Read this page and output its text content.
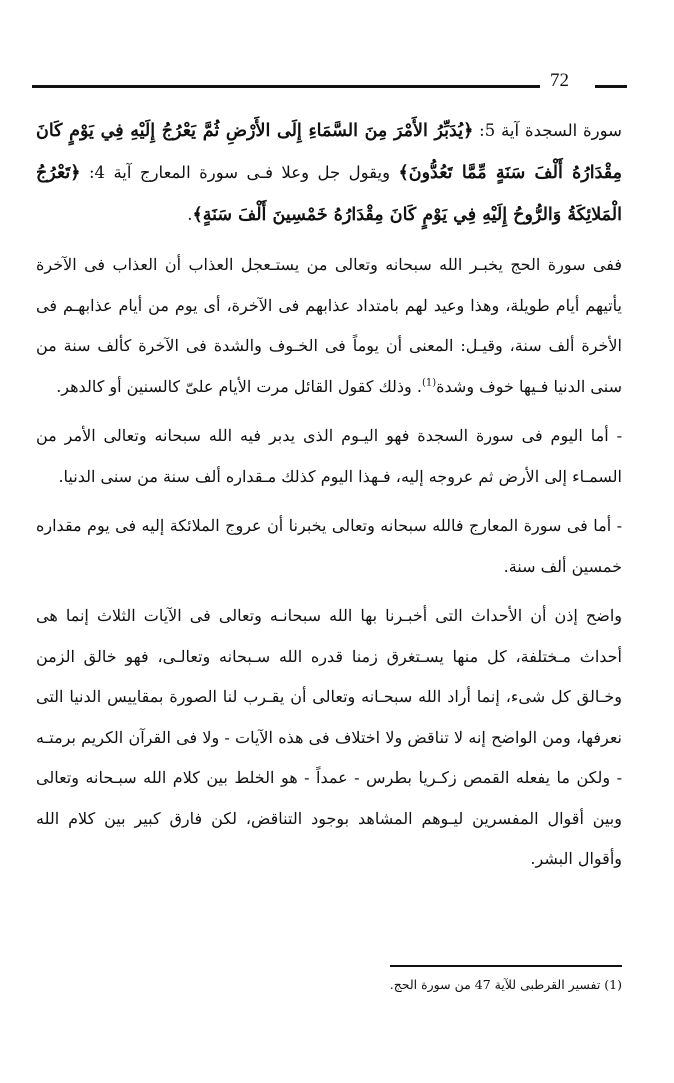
72

سورة السجدة آية 5: ﴿يُدَبِّرُ الأَمْرَ مِنَ السَّمَاءِ إِلَى الأَرْضِ ثُمَّ يَعْرُجُ إِلَيْهِ فِي يَوْمٍ كَانَ مِقْدَارُهُ أَلْفَ سَنَةٍ مِّمَّا تَعُدُّونَ﴾ ويقول جل وعلا فـى سورة المعارج آية 4: ﴿تَعْرُجُ الْمَلائِكَةُ وَالرُّوحُ إِلَيْهِ فِي يَوْمٍ كَانَ مِقْدَارُهُ خَمْسِينَ أَلْفَ سَنَةٍ﴾.

ففى سورة الحج يخبـر الله سبحانه وتعالى من يستـعجل العذاب أن العذاب فى الآخرة يأتيهم أيام طويلة، وهذا وعيد لهم بامتداد عذابهم فى الآخرة، أى يوم من أيام عذابهـم فى الأخرة ألف سنة، وقيـل: المعنى أن يوماً فى الخـوف والشدة فى الآخرة كألف سنة من سنى الدنيا فـيها خوف وشدة$^{(1)}$. وذلك كقول القائل مرت الأيام علىّ كالسنين أو كالدهر.

- أما اليوم فى سورة السجدة فهو اليـوم الذى يدبر فيه الله سبحانه وتعالى الأمر من السمـاء إلى الأرض ثم عروجه إليه، فـهذا اليوم كذلك مـقداره ألف سنة من سنى الدنيا.

- أما فى سورة المعارج فالله سبحانه وتعالى يخبرنا أن عروج الملائكة إليه فى يوم مقداره خمسين ألف سنة.

واضح إذن أن الأحداث التى أخبـرنا بها الله سبحانـه وتعالى فى الآيات الثلاث إنما هى أحداث مـختلفة، كل منها يسـتغرق زمنا قدره الله سـبحانه وتعالـى، فهو خالق الزمن وخـالق كل شىء، إنما أراد الله سبحـانه وتعالى أن يقـرب لنا الصورة بمقاييس الدنيا التى نعرفها، ومن الواضح إنه لا تناقض ولا اختلاف فى هذه الآيات - ولا فى القرآن الكريم برمتـه - ولكن ما يفعله القمص زكـريا بطرس - عمداً - هو الخلط بين كلام الله سبـحانه وتعالى وبين أقوال المفسرين ليـوهم المشاهد بوجود التناقض، لكن فارق كبير بين كلام الله وأقوال البشر.

(1) تفسير القرطبى للآية 47 من سورة الحج.
